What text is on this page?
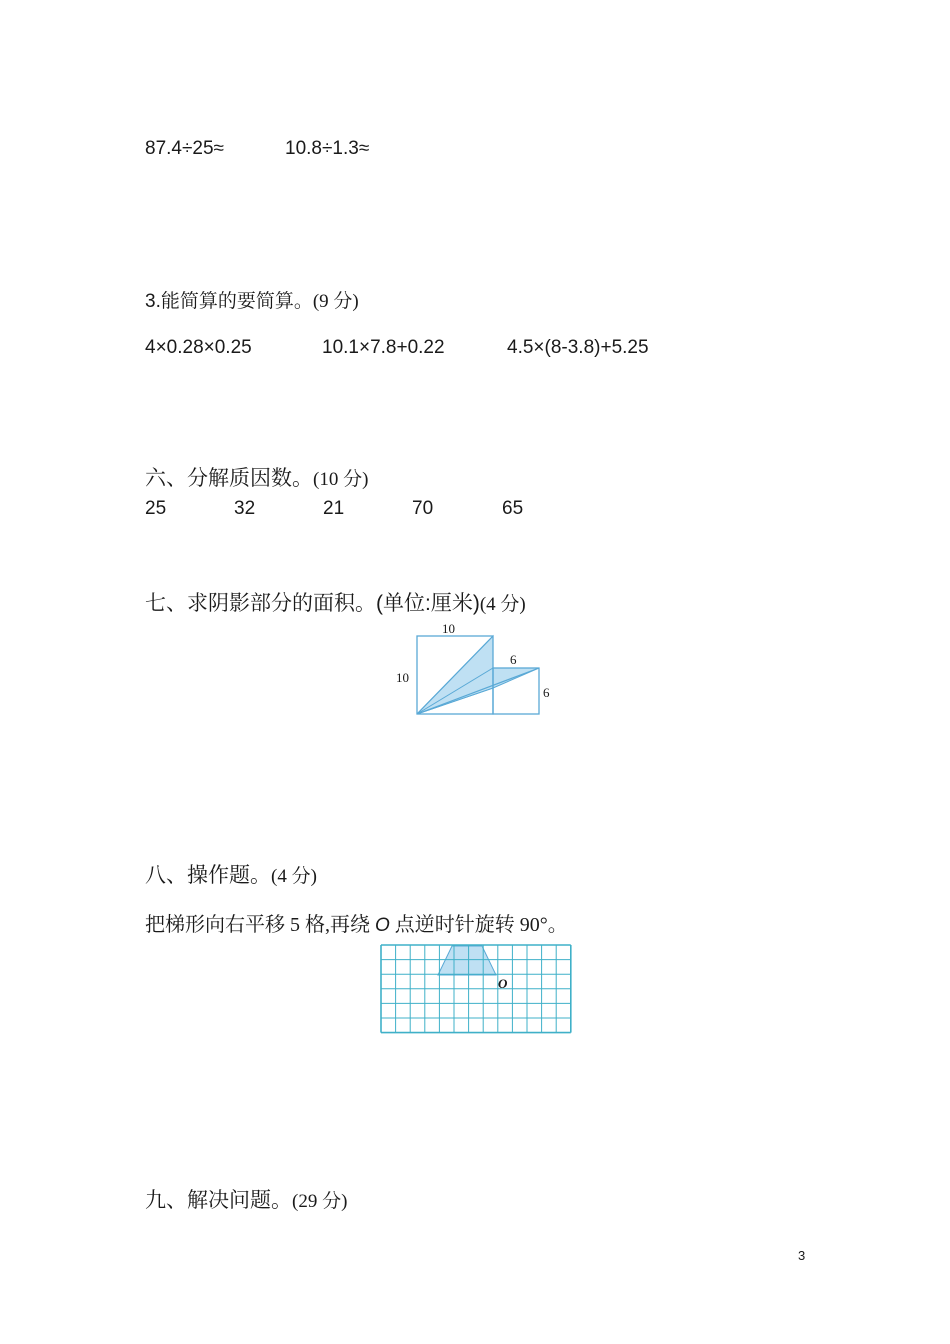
87.4÷25≈	10.8÷1.3≈
3.能简算的要简算。(9 分)
4×0.28×0.25	10.1×7.8+0.22	4.5×(8-3.8)+5.25
六、分解质因数。(10 分)
25	32	21	70	65
七、求阴影部分的面积。(单位:厘米)(4 分)
10
10
6
6
八、操作题。(4 分)
把梯形向右平移 5 格,再绕 O 点逆时针旋转 90°。
O
九、解决问题。(29 分)
3
